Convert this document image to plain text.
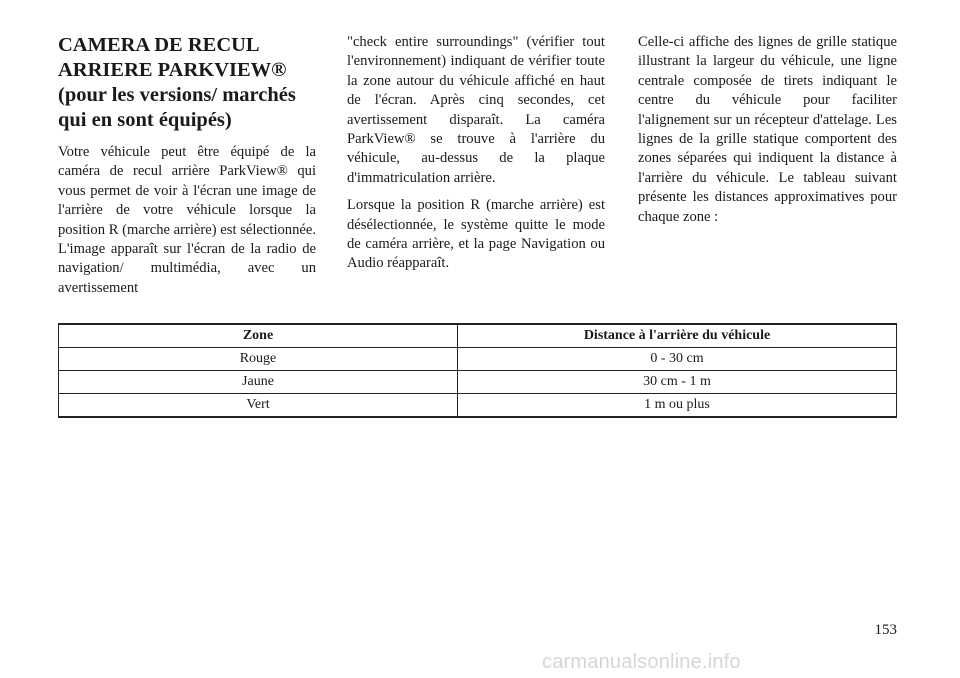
CAMERA DE RECUL ARRIERE PARKVIEW® (pour les versions/ marchés qui en sont équipés)

Votre véhicule peut être équipé de la caméra de recul arrière ParkView® qui vous permet de voir à l'écran une image de l'arrière de votre véhicule lorsque la position R (marche arrière) est sélectionnée. L'image apparaît sur l'écran de la radio de navigation/ multimédia, avec un avertissement

"check entire surroundings" (vérifier tout l'environnement) indiquant de vérifier toute la zone autour du véhicule affiché en haut de l'écran. Après cinq secondes, cet avertissement disparaît. La caméra ParkView® se trouve à l'arrière du véhicule, au-dessus de la plaque d'immatriculation arrière.

Lorsque la position R (marche arrière) est désélectionnée, le système quitte le mode de caméra arrière, et la page Navigation ou Audio réapparaît.

Celle-ci affiche des lignes de grille statique illustrant la largeur du véhicule, une ligne centrale composée de tirets indiquant le centre du véhicule pour faciliter l'alignement sur un récepteur d'attelage. Les lignes de la grille statique comportent des zones séparées qui indiquent la distance à l'arrière du véhicule. Le tableau suivant présente les distances approximatives pour chaque zone :

Zone	Distance à l'arrière du véhicule
Rouge	0 - 30 cm
Jaune	30 cm - 1 m
Vert	1 m ou plus
153
carmanualsonline.info
